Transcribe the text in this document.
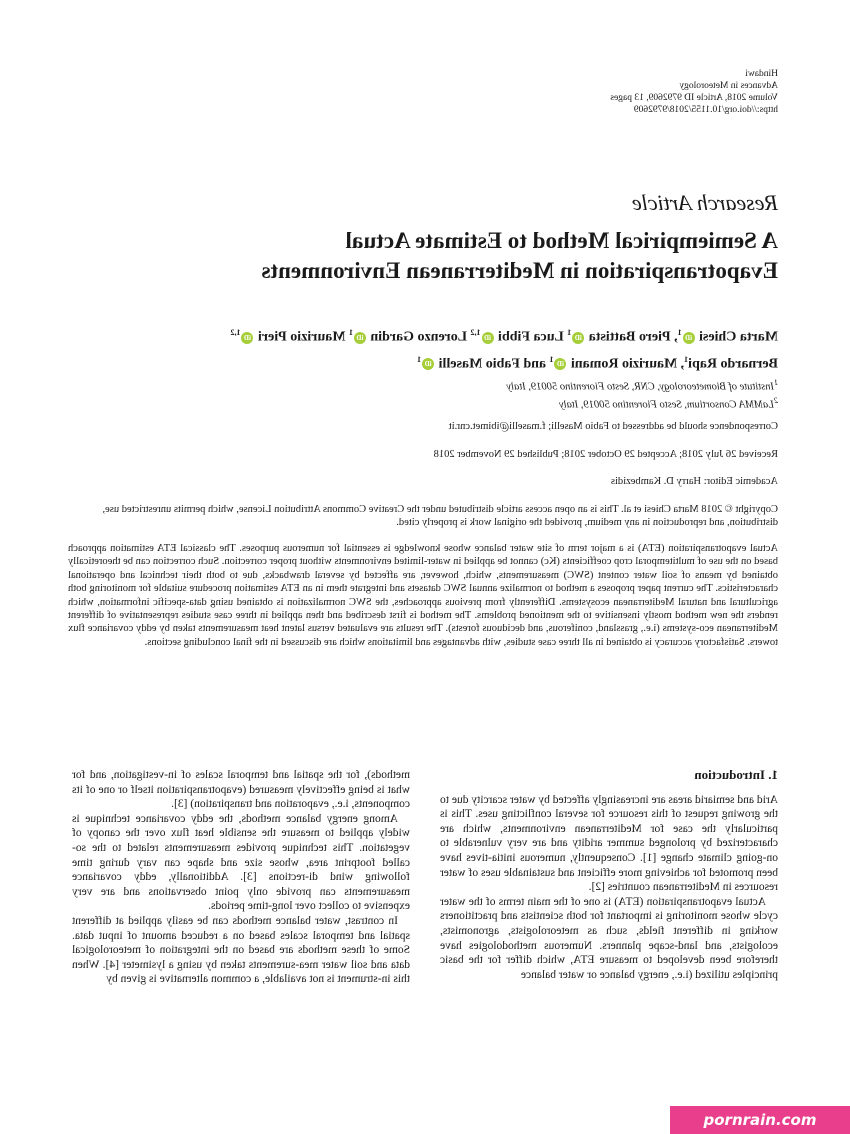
Hindawi
Advances in Meteorology
Volume 2018, Article ID 9792609, 13 pages
https://doi.org/10.1155/2018/9792609
Research Article
A Semiempirical Method to Estimate Actual
Evapotranspiration in Mediterranean Environments
Marta Chiesi $iD^1$, Piero Battista $iD^1$ Luca Fibbi iD$^{1,2}$ Lorenzo Gardin $iD^1$ Maurizio Pieri iD$^{1,2}$
Bernardo Rapi$^1$, Maurizio Romani $iD^1$ and Fabio Maselli $iD^1$
$^1$Institute of Biometeorology, CNR, Sesto Fiorentino 50019, Italy
$^2$LaMMA Consortium, Sesto Fiorentino 50019, Italy
Correspondence should be addressed to Fabio Maselli; f.maselli@ibimet.cnr.it
Received 26 July 2018; Accepted 29 October 2018; Published 29 November 2018
Academic Editor: Harry D. Kambezidis
Copyright © 2018 Marta Chiesi et al. This is an open access article distributed under the Creative Commons Attribution License, which permits unrestricted use, distribution, and reproduction in any medium, provided the original work is properly cited.
Actual evapotranspiration (ETA) is a major term of site water balance whose knowledge is essential for numerous purposes. The classical ETA estimation approach based on the use of multitemporal crop coefficients (Kc) cannot be applied in water-limited environments without proper correction. Such correction can be theoretically obtained by means of soil water content (SWC) measurements, which, however, are affected by several drawbacks, due to both their technical and operational characteristics. The current paper proposes a method to normalize annual SWC datasets and integrate them in an ETA estimation procedure suitable for monitoring both agricultural and natural Mediterranean ecosystems. Differently from previous approaches, the SWC normalization is obtained using data-specific information, which renders the new method mostly insensitive to the mentioned problems. The method is first described and then applied in three case studies representative of different Mediterranean eco-systems (i.e., grassland, coniferous, and deciduous forests). The results are evaluated versus latent heat measurements taken by eddy covariance flux towers. Satisfactory accuracy is obtained in all three case studies, with advantages and limitations which are discussed in the final concluding sections.
1. Introduction

Arid and semiarid areas are increasingly affected by water scarcity due to the growing request of this resource for several conflicting uses. This is particularly the case for Mediterranean environments, which are characterized by prolonged summer aridity and are very vulnerable to on-going climate change [1]. Consequently, numerous initia-tives have been promoted for achieving more efficient and sustainable uses of water resources in Mediterranean countries [2].

Actual evapotranspiration (ETA) is one of the main terms of the water cycle whose monitoring is important for both scientists and practitioners working in different fields, such as meteorologists, agronomists, ecologists, and land-scape planners. Numerous methodologies have therefore been developed to measure ETA, which differ for the basic principles utilized (i.e., energy balance or water balance

methods), for the spatial and temporal scales of in-vestigation, and for what is being effectively measured (evapotranspiration itself or one of its components, i.e., evaporation and transpiration) [3].

Among energy balance methods, the eddy covariance technique is widely applied to measure the sensible heat flux over the canopy of vegetation. This technique provides measurements related to the so-called footprint area, whose size and shape can vary during time following wind di-rections [3]. Additionally, eddy covariance measurements can provide only point observations and are very expensive to collect over long-time periods.

In contrast, water balance methods can be easily applied at different spatial and temporal scales based on a reduced amount of input data. Some of these methods are based on the integration of meteorological data and soil water mea-surements taken by using a lysimeter [4]. When this in-strument is not available, a common alternative is given by

pornrain.com
